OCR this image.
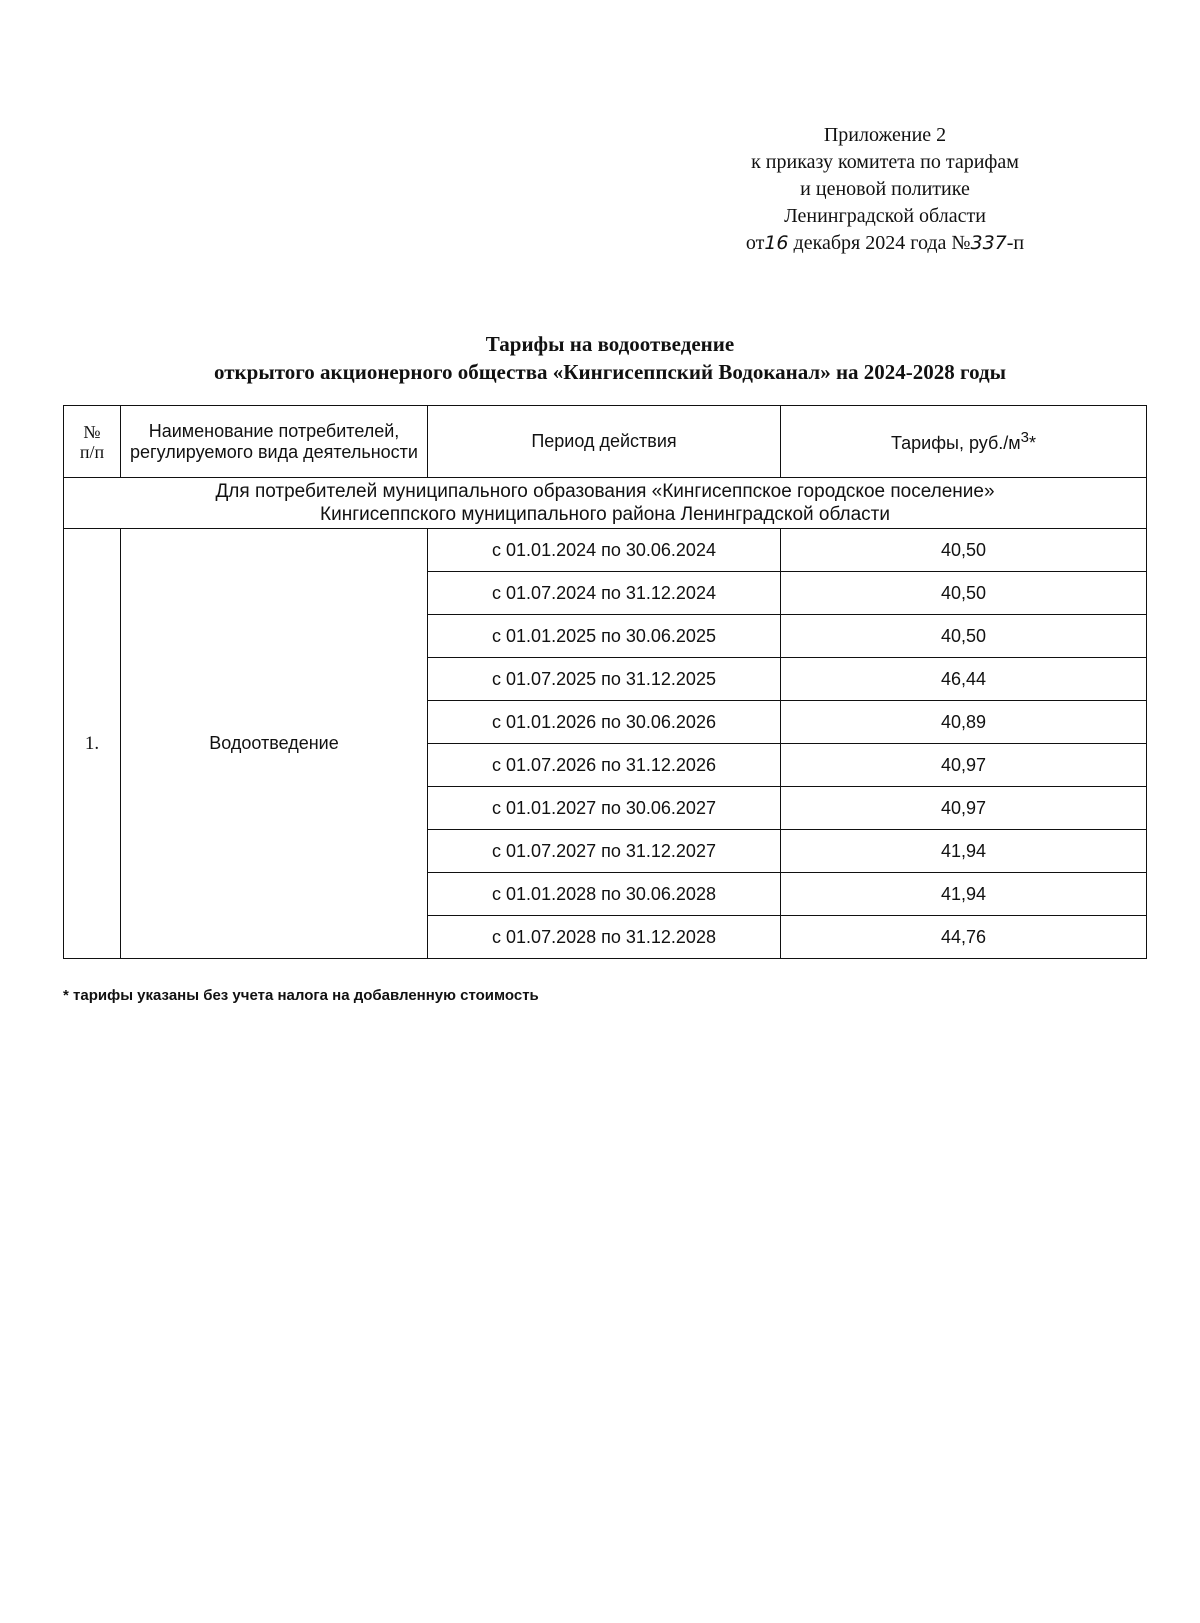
Приложение 2
к приказу комитета по тарифам
и ценовой политике
Ленинградской области
от16 декабря 2024 года №337-п
Тарифы на водоотведение
открытого акционерного общества «Кингисеппский Водоканал» на 2024-2028 годы
№
п/п	Наименование потребителей, регулируемого вида деятельности	Период действия	Тарифы, $руб./м^3*$

Для потребителей муниципального образования «Кингисеппское городское поселение»
Кингисеппского муниципального района Ленинградской области			

1.	Водоотведение	с 01.01.2024 по 30.06.2024	40,50
		с 01.07.2024 по 31.12.2024	40,50
		с 01.01.2025 по 30.06.2025	40,50
		с 01.07.2025 по 31.12.2025	46,44
		с 01.01.2026 по 30.06.2026	40,89
		с 01.07.2026 по 31.12.2026	40,97
		с 01.01.2027 по 30.06.2027	40,97
		с 01.07.2027 по 31.12.2027	41,94
		с 01.01.2028 по 30.06.2028	41,94
		с 01.07.2028 по 31.12.2028	44,76
* тарифы указаны без учета налога на добавленную стоимость
